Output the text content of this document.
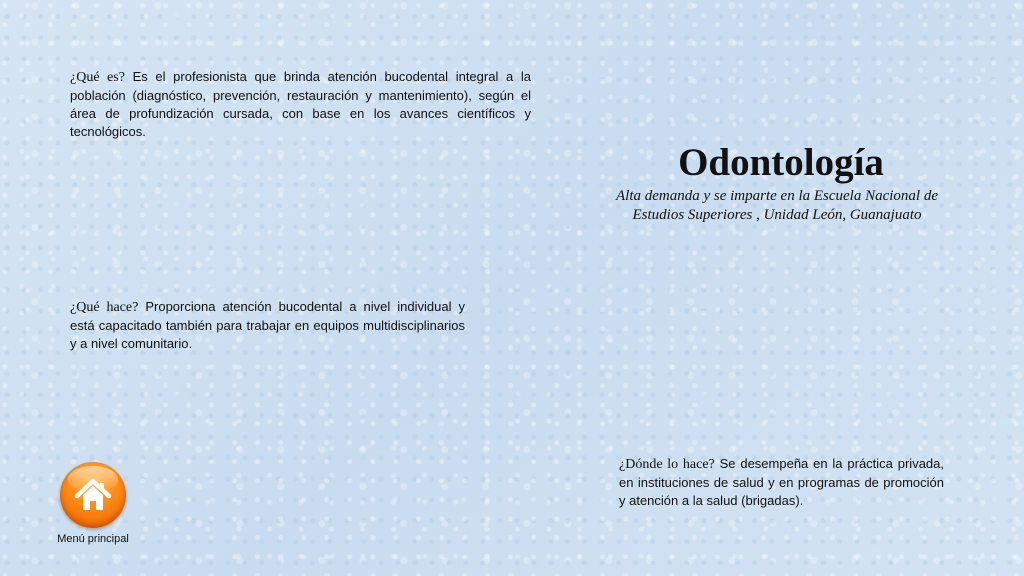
¿Qué es? Es el profesionista que brinda atención bucodental integral a la población (diagnóstico, prevención, restauración y mantenimiento), según el área de profundización cursada, con base en los avances científicos y tecnológicos.
Odontología
Alta demanda y se imparte en la Escuela Nacional de Estudios Superiores , Unidad León, Guanajuato
¿Qué hace? Proporciona atención bucodental a nivel individual y está capacitado también para trabajar en equipos multidisciplinarios y a nivel comunitario.
¿Dónde lo hace? Se desempeña en la práctica privada, en instituciones de salud y en programas de promoción y atención a la salud (brigadas).
Menú principal
